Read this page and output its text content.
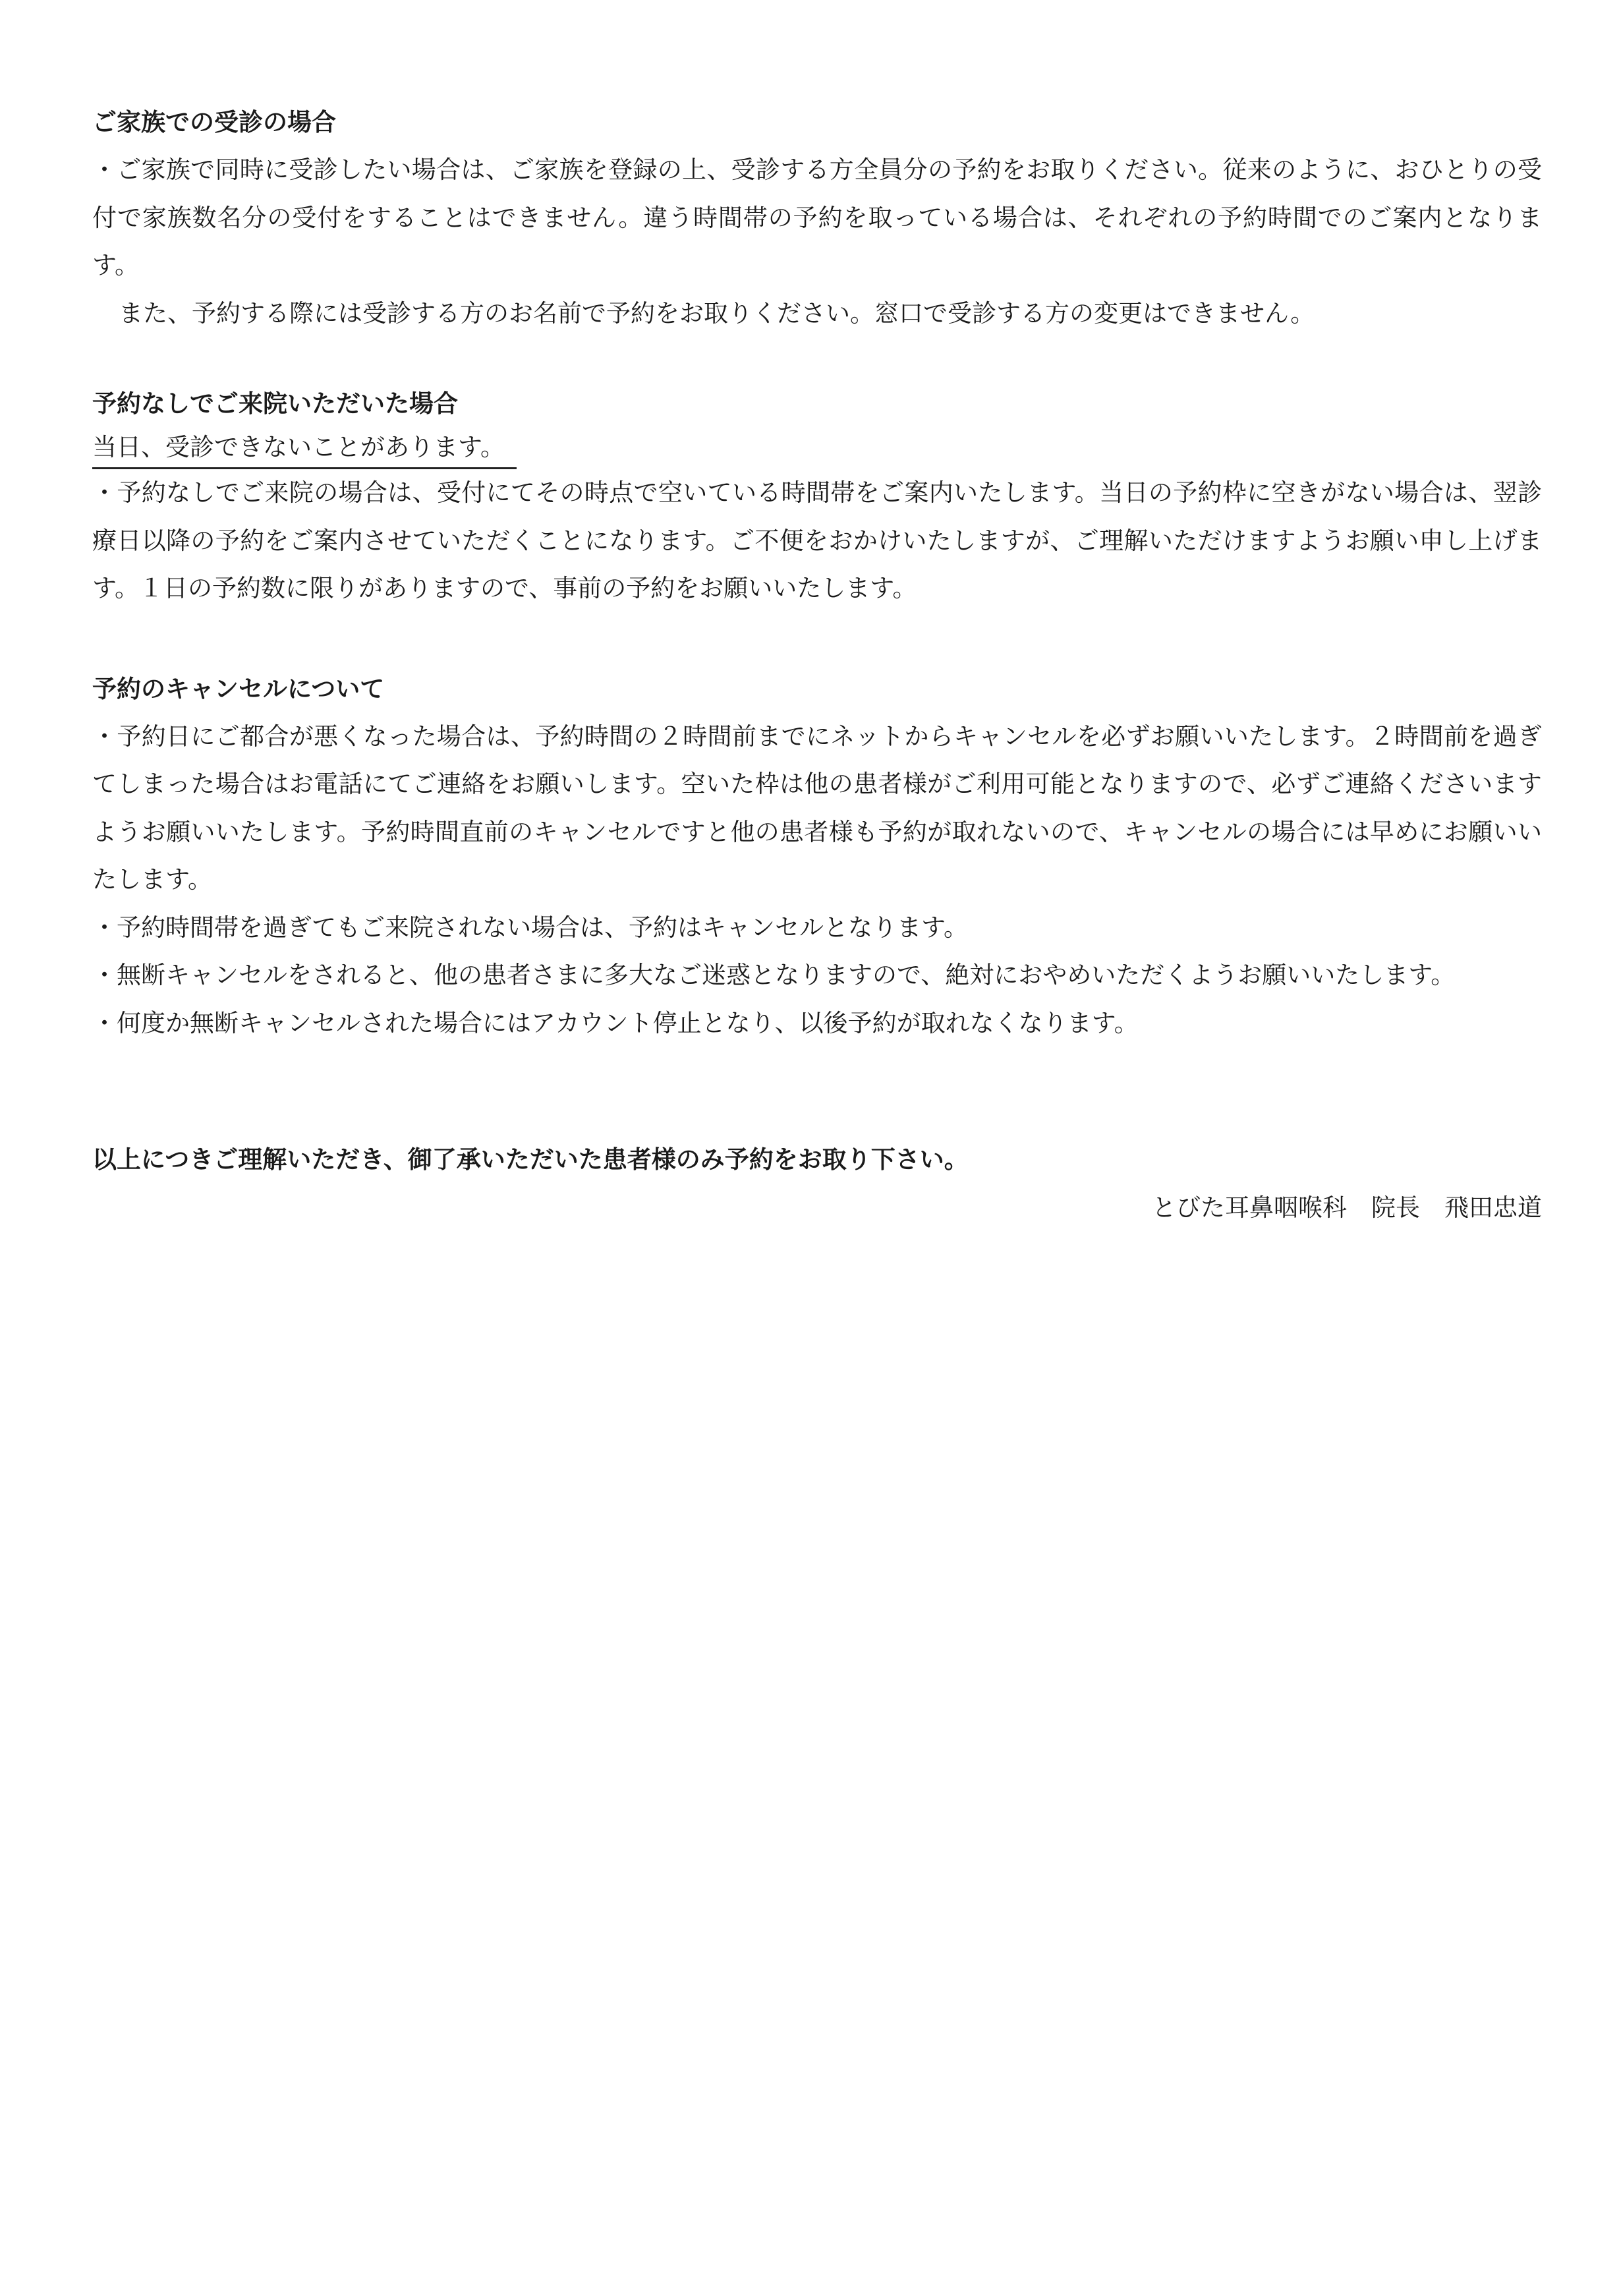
ご家族での受診の場合

・ご家族で同時に受診したい場合は、ご家族を登録の上、受診する方全員分の予約をお取りください。従来のように、おひとりの受付で家族数名分の受付をすることはできません。違う時間帯の予約を取っている場合は、それぞれの予約時間でのご案内となります。

また、予約する際には受診する方のお名前で予約をお取りください。窓口で受診する方の変更はできません。

予約なしでご来院いただいた場合
当日、受診できないことがあります。

・予約なしでご来院の場合は、受付にてその時点で空いている時間帯をご案内いたします。当日の予約枠に空きがない場合は、翌診療日以降の予約をご案内させていただくことになります。ご不便をおかけいたしますが、ご理解いただけますようお願い申し上げます。１日の予約数に限りがありますので、事前の予約をお願いいたします。

予約のキャンセルについて

・予約日にご都合が悪くなった場合は、予約時間の２時間前までにネットからキャンセルを必ずお願いいたします。２時間前を過ぎてしまった場合はお電話にてご連絡をお願いします。空いた枠は他の患者様がご利用可能となりますので、必ずご連絡くださいますようお願いいたします。予約時間直前のキャンセルですと他の患者様も予約が取れないので、キャンセルの場合には早めにお願いいたします。

・予約時間帯を過ぎてもご来院されない場合は、予約はキャンセルとなります。

・無断キャンセルをされると、他の患者さまに多大なご迷惑となりますので、絶対におやめいただくようお願いいたします。

・何度か無断キャンセルされた場合にはアカウント停止となり、以後予約が取れなくなります。

以上につきご理解いただき、御了承いただいた患者様のみ予約をお取り下さい。
とびた耳鼻咽喉科　院長　飛田忠道
